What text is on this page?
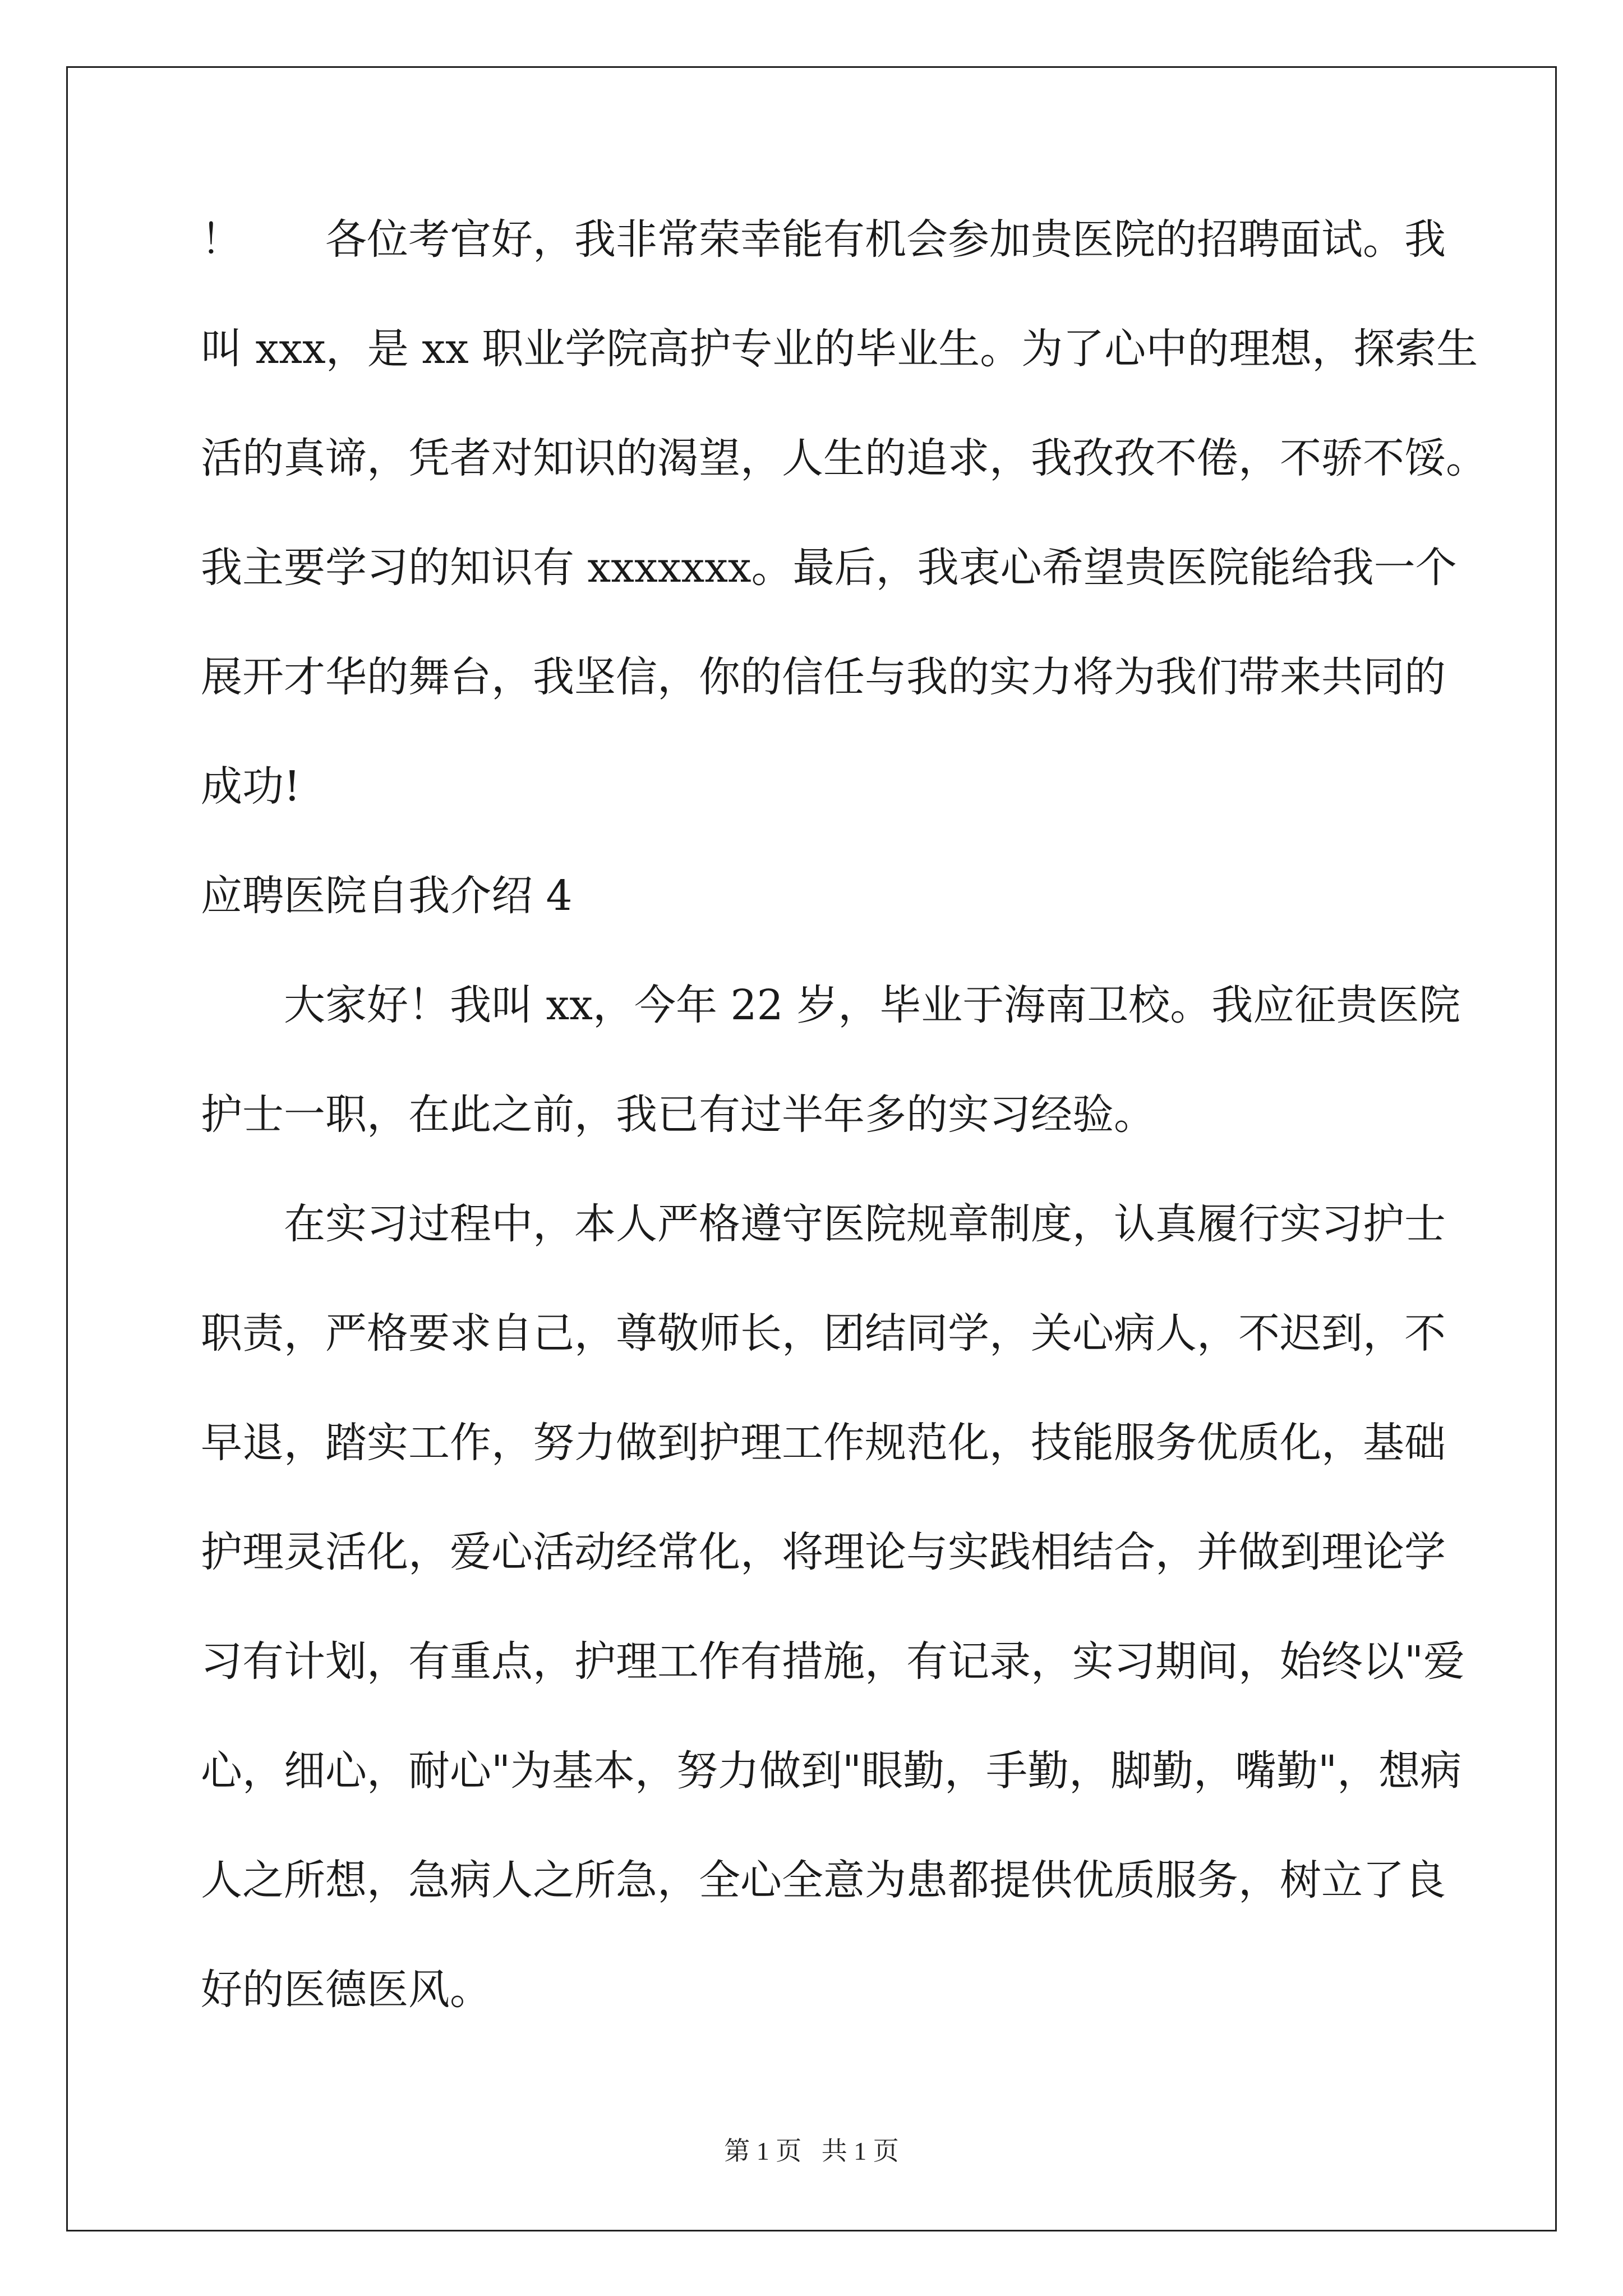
！　　各位考官好，我非常荣幸能有机会参加贵医院的招聘面试。我
叫 xxx，是 xx 职业学院高护专业的毕业生。为了心中的理想，探索生
活的真谛，凭者对知识的渴望，人生的追求，我孜孜不倦，不骄不馁。
我主要学习的知识有 xxxxxxx。最后，我衷心希望贵医院能给我一个
展开才华的舞台，我坚信，你的信任与我的实力将为我们带来共同的
成功!
应聘医院自我介绍 4
大家好！我叫 xx，今年 22 岁，毕业于海南卫校。我应征贵医院
护士一职，在此之前，我已有过半年多的实习经验。
在实习过程中，本人严格遵守医院规章制度，认真履行实习护士
职责，严格要求自己，尊敬师长，团结同学，关心病人，不迟到，不
早退，踏实工作，努力做到护理工作规范化，技能服务优质化，基础
护理灵活化，爱心活动经常化，将理论与实践相结合，并做到理论学
习有计划，有重点，护理工作有措施，有记录，实习期间，始终以"爱
心，细心，耐心"为基本，努力做到"眼勤，手勤，脚勤，嘴勤"，想病
人之所想，急病人之所急，全心全意为患都提供优质服务，树立了良
好的医德医风。
第 1 页 共 1 页
